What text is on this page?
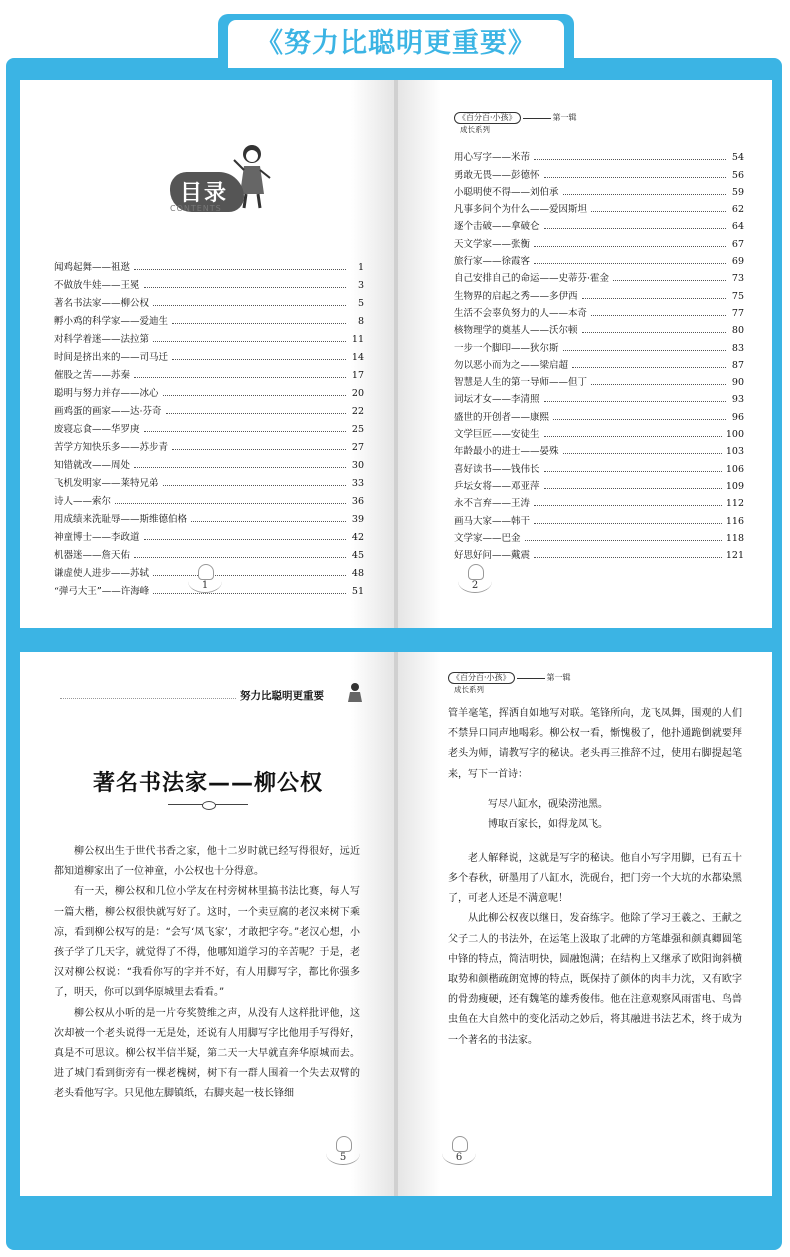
《努力比聪明更重要》
目录
CONTENTS
闻鸡起舞——祖逖	1
不做放牛娃——王冕	3
著名书法家——柳公权	5
孵小鸡的科学家——爱迪生	8
对科学着迷——法拉第	11
时间是挤出来的——司马迁	14
催股之苦——苏秦	17
聪明与努力并存——冰心	20
画鸡蛋的画家——达·芬奇	22
废寝忘食——华罗庚	25
苦学方知快乐多——苏步青	27
知错就改——周处	30
飞机发明家——莱特兄弟	33
诗人——索尔	36
用成绩来洗耻辱——斯维德伯格	39
神童博士——李政道	42
机器迷——詹天佑	45
谦虚使人进步——苏轼	48
“弹弓大王”——许海峰	51
1
《百分百·小孩》	第一辑
成长系列
2
用心写字——米芾	54
勇敢无畏——彭德怀	56
小聪明使不得——刘伯承	59
凡事多问个为什么——爱因斯坦	62
逐个击破——拿破仑	64
天文学家——张衡	67
旅行家——徐霞客	69
自己安排自己的命运——史蒂芬·霍金	73
生物界的启起之秀——多伊西	75
生活不会辜负努力的人——本奇	77
核物理学的奠基人——沃尔顿	80
一步一个脚印——狄尔斯	83
勿以恶小而为之——梁启超	87
智慧是人生的第一导师——但丁	90
词坛才女——李清照	93
盛世的开创者——康熙	96
文学巨匠——安徒生	100
年龄最小的进士——晏殊	103
喜好读书——钱伟长	106
乒坛女将——邓亚萍	109
永不言弃——王涛	112
画马大家——韩干	116
文学家——巴金	118
好思好问——戴震	121
努力比聪明更重要
著名书法家——柳公权

柳公权出生于世代书香之家，他十二岁时就已经写得很好，远近都知道柳家出了一位神童，小公权也十分得意。

有一天，柳公权和几位小学友在村旁树林里搞书法比赛，每人写一篇大楷，柳公权很快就写好了。这时，一个卖豆腐的老汉来树下乘凉，看到柳公权写的是：“会写‘凤飞家’，才敢把字夸。”老汉心想，小孩子学了几天字，就觉得了不得，他哪知道学习的辛苦呢？于是，老汉对柳公权说：“我看你写的字并不好，有人用脚写字，都比你强多了，明天，你可以到华原城里去看看。”

柳公权从小听的是一片夸奖赞维之声，从没有人这样批评他，这次却被一个老头说得一无是处，还说有人用脚写字比他用手写得好，真是不可思议。柳公权半信半疑，第二天一大早就直奔华原城而去。进了城门看到街旁有一棵老槐树，树下有一群人围着一个失去双臂的老头看他写字。只见他左脚镇纸，右脚夹起一枝长锋细

5
《百分百·小孩》	第一辑
成长系列
6

管羊毫笔，挥洒自如地写对联。笔锋所向，龙飞凤舞，围观的人们不禁异口同声地喝彩。柳公权一看，惭愧极了，他扑通跪倒就要拜老头为师，请教写字的秘诀。老头再三推辞不过，使用右脚提起笔来，写下一首诗：

写尽八缸水，砚染涝池黑。
博取百家长，如得龙凤飞。

老人解释说，这就是写字的秘诀。他自小写字用脚，已有五十多个春秋，研墨用了八缸水，洗砚台，把门旁一个大坑的水都染黑了，可老人还是不满意呢！

从此柳公权夜以继日，发奋练字。他除了学习王羲之、王献之父子二人的书法外，在运笔上汲取了北碑的方笔雄强和颜真卿圆笔中锋的特点，简洁明快，圆融饱满；在结构上又继承了欧阳询斜横取势和颜楷疏朗宽博的特点，既保持了颜体的肉丰力沈，又有欧字的骨劲瘦硬，还有魏笔的雄秀俊伟。他在注意观察风雨雷电、鸟兽虫鱼在大自然中的变化活动之妙后，将其融进书法艺术，终于成为一个著名的书法家。
